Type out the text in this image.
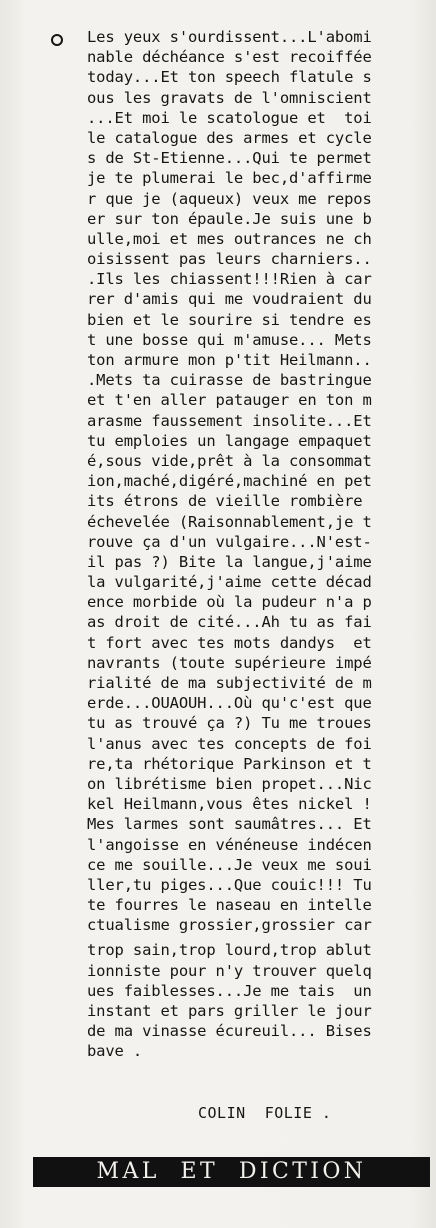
Les yeux s'ourdissent...L'abomi
nable déchéance s'est recoiffée
today...Et ton speech flatule s
ous les gravats de l'omniscient
...Et moi le scatologue et  toi
le catalogue des armes et cycle
s de St-Etienne...Qui te permet
je te plumerai le bec,d'affirme
r que je (aqueux) veux me repos
er sur ton épaule.Je suis une b
ulle,moi et mes outrances ne ch
oisissent pas leurs charniers..
.Ils les chiassent!!!Rien à car
rer d'amis qui me voudraient du
bien et le sourire si tendre es
t une bosse qui m'amuse... Mets
ton armure mon p'tit Heilmann..
.Mets ta cuirasse de bastringue
et t'en aller patauger en ton m
arasme faussement insolite...Et
tu emploies un langage empaquet
é,sous vide,prêt à la consommat
ion,maché,digéré,machiné en pet
its étrons de vieille rombière
échevelée (Raisonnablement,je t
rouve ça d'un vulgaire...N'est-
il pas ?) Bite la langue,j'aime
la vulgarité,j'aime cette décad
ence morbide où la pudeur n'a p
as droit de cité...Ah tu as fai
t fort avec tes mots dandys  et
navrants (toute supérieure impé
rialité de ma subjectivité de m
erde...OUAOUH...Où qu'c'est que
tu as trouvé ça ?) Tu me troues
l'anus avec tes concepts de foi
re,ta rhétorique Parkinson et t
on librétisme bien propet...Nic
kel Heilmann,vous êtes nickel !
Mes larmes sont saumâtres... Et
l'angoisse en vénéneuse indécen
ce me souille...Je veux me soui
ller,tu piges...Que couic!!! Tu
te fourres le naseau en intelle
ctualisme grossier,grossier car
trop sain,trop lourd,trop ablut
ionniste pour n'y trouver quelq
ues faiblesses...Je me tais  un
instant et pars griller le jour
de ma vinasse écureuil... Bises
bave .
COLIN  FOLIE .
MAL  ET  DICTION
